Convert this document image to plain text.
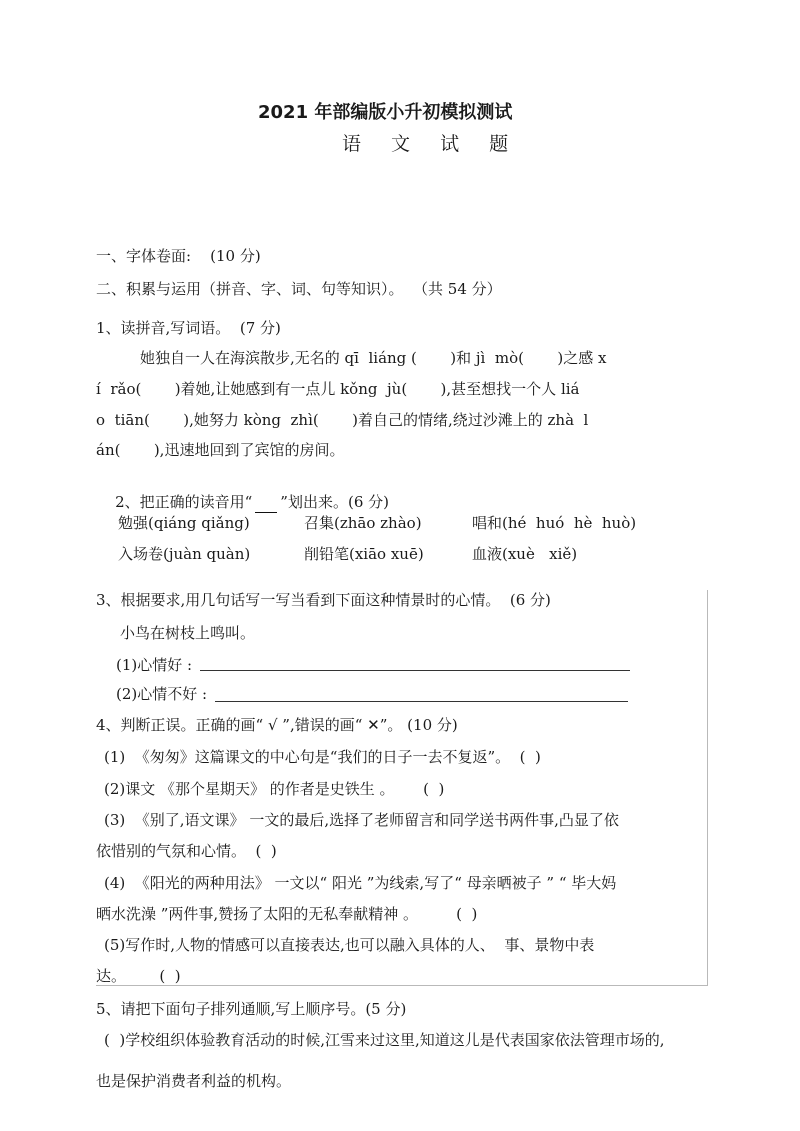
2021 年部编版小升初模拟测试
语 文 试 题
一、字体卷面:    (10 分)
二、积累与运用（拼音、字、词、句等知识）。  （共 54 分）
1、读拼音,写词语。  (7 分)
她独自一人在海滨散步,无名的 qī  liáng (       )和 jì  mò(       )之感 x
í  rǎo(       )着她,让她感到有一点儿 kǒng  jù(       ),甚至想找一个人 liá
o  tiān(       ),她努力 kòng  zhì(       )着自己的情绪,绕过沙滩上的 zhà  l
án(       ),迅速地回到了宾馆的房间。

2、把正确的读音用“ ”划出来。(6 分)

勉强(qiáng qiǎng)	召集(zhāo zhào)	唱和(hé  huó  hè  huò)
入场卷(juàn quàn)	削铅笔(xiāo xuē)	血液(xuè   xiě)
3、根据要求,用几句话写一写当看到下面这种情景时的心情。  (6 分)
小鸟在树枝上鸣叫。
(1)心情好 :
(2)心情不好 :
4、判断正误。正确的画“ √ ”,错误的画“ ✕”。 (10 分)
(1)  《匆匆》这篇课文的中心句是“我们的日子一去不复返”。  (  )
(2)课文 《那个星期天》 的作者是史铁生 。      (  )
(3)  《别了,语文课》 一文的最后,选择了老师留言和同学送书两件事,凸显了依
依惜别的气氛和心情。  (  )
(4)  《阳光的两种用法》 一文以“ 阳光 ”为线索,写了“ 母亲晒被子 ” “ 毕大妈
晒水洗澡 ”两件事,赞扬了太阳的无私奉献精神 。        (  )
(5)写作时,人物的情感可以直接表达,也可以融入具体的人、  事、景物中表
达。       (  )
5、请把下面句子排列通顺,写上顺序号。(5 分)
(  )学校组织体验教育活动的时候,江雪来过这里,知道这儿是代表国家依法管理市场的,
也是保护消费者利益的机构。
